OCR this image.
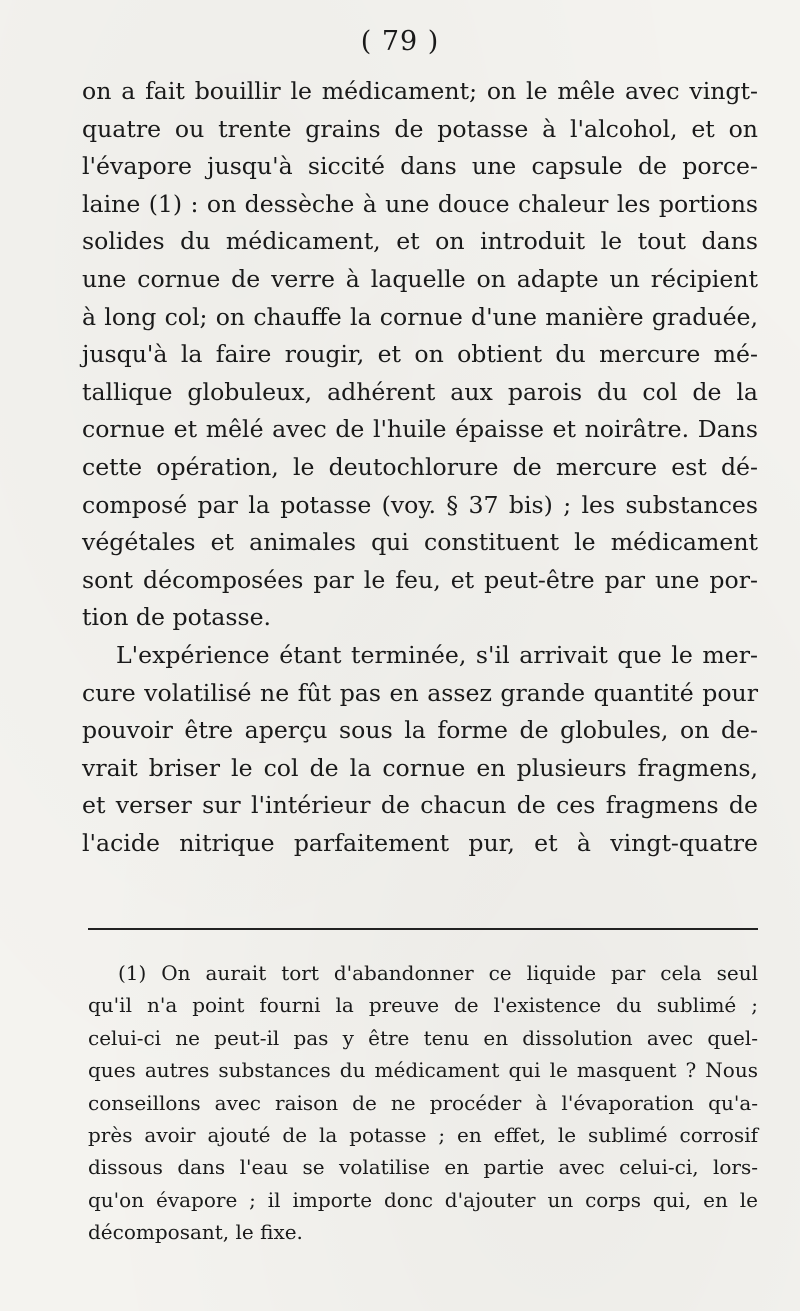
( 79 )
on a fait bouillir le médicament; on le mêle avec vingt-
quatre ou trente grains de potasse à l'alcohol, et on
l'évapore jusqu'à siccité dans une capsule de porce-
laine (1) : on dessèche à une douce chaleur les portions
solides du médicament, et on introduit le tout dans
une cornue de verre à laquelle on adapte un récipient
à long col; on chauffe la cornue d'une manière graduée,
jusqu'à la faire rougir, et on obtient du mercure mé-
tallique globuleux, adhérent aux parois du col de la
cornue et mêlé avec de l'huile épaisse et noirâtre. Dans
cette opération, le deutochlorure de mercure est dé-
composé par la potasse (voy. § 37 bis) ; les substances
végétales et animales qui constituent le médicament
sont décomposées par le feu, et peut-être par une por-
tion de potasse.
L'expérience étant terminée, s'il arrivait que le mer-
cure volatilisé ne fût pas en assez grande quantité pour
pouvoir être aperçu sous la forme de globules, on de-
vrait briser le col de la cornue en plusieurs fragmens,
et verser sur l'intérieur de chacun de ces fragmens de
l'acide nitrique parfaitement pur, et à vingt-quatre
(1) On aurait tort d'abandonner ce liquide par cela seul
qu'il n'a point fourni la preuve de l'existence du sublimé ;
celui-ci ne peut-il pas y être tenu en dissolution avec quel-
ques autres substances du médicament qui le masquent ? Nous
conseillons avec raison de ne procéder à l'évaporation qu'a-
près avoir ajouté de la potasse ; en effet, le sublimé corrosif
dissous dans l'eau se volatilise en partie avec celui-ci, lors-
qu'on évapore ; il importe donc d'ajouter un corps qui, en le
décomposant, le fixe.
